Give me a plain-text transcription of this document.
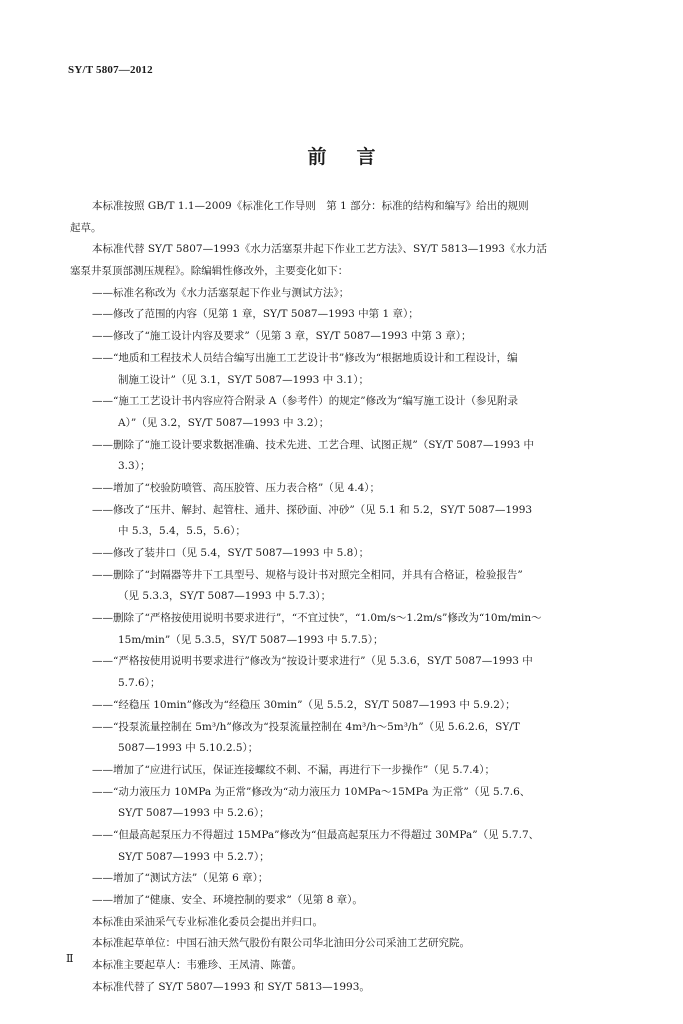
SY/T 5807—2012
前言
本标准按照 GB/T 1.1—2009《标准化工作导则　第 1 部分：标准的结构和编写》给出的规则
起草。
本标准代替 SY/T 5807—1993《水力活塞泵井起下作业工艺方法》、SY/T 5813—1993《水力活
塞泵井泵顶部测压规程》。除编辑性修改外，主要变化如下：
——标准名称改为《水力活塞泵起下作业与测试方法》；
——修改了范围的内容（见第 1 章，SY/T 5087—1993 中第 1 章）；
——修改了“施工设计内容及要求”（见第 3 章，SY/T 5087—1993 中第 3 章）；
——“地质和工程技术人员结合编写出施工工艺设计书”修改为“根据地质设计和工程设计，编
制施工设计”（见 3.1，SY/T 5087—1993 中 3.1）；
——“施工工艺设计书内容应符合附录 A（参考件）的规定”修改为“编写施工设计（参见附录
A）”（见 3.2，SY/T 5087—1993 中 3.2）；
——删除了“施工设计要求数据准确、技术先进、工艺合理、试图正规”（SY/T 5087—1993 中
3.3）；
——增加了“校验防喷管、高压胶管、压力表合格”（见 4.4）；
——修改了“压井、解封、起管柱、通井、探砂面、冲砂”（见 5.1 和 5.2，SY/T 5087—1993
中 5.3，5.4，5.5，5.6）；
——修改了装井口（见 5.4，SY/T 5087—1993 中 5.8）；
——删除了“封隔器等井下工具型号、规格与设计书对照完全相同，并具有合格证，检验报告”
（见 5.3.3，SY/T 5087—1993 中 5.7.3）；
——删除了“严格按使用说明书要求进行”，“不宜过快”，“1.0m/s～1.2m/s”修改为“10m/min～
15m/min”（见 5.3.5，SY/T 5087—1993 中 5.7.5）；
——“严格按使用说明书要求进行”修改为“按设计要求进行”（见 5.3.6，SY/T 5087—1993 中
5.7.6）；
——“经稳压 10min”修改为“经稳压 30min”（见 5.5.2，SY/T 5087—1993 中 5.9.2）；
——“投泵流量控制在 5m³/h”修改为“投泵流量控制在 4m³/h～5m³/h”（见 5.6.2.6，SY/T
5087—1993 中 5.10.2.5）；
——增加了“应进行试压，保证连接螺纹不刺、不漏，再进行下一步操作”（见 5.7.4）；
——“动力液压力 10MPa 为正常”修改为“动力液压力 10MPa～15MPa 为正常”（见 5.7.6、
SY/T 5087—1993 中 5.2.6）；
——“但最高起泵压力不得超过 15MPa”修改为“但最高起泵压力不得超过 30MPa”（见 5.7.7、
SY/T 5087—1993 中 5.2.7）；
——增加了“测试方法”（见第 6 章）；
——增加了“健康、安全、环境控制的要求”（见第 8 章）。
本标准由采油采气专业标准化委员会提出并归口。
本标准起草单位：中国石油天然气股份有限公司华北油田分公司采油工艺研究院。
本标准主要起草人：韦雅珍、王凤清、陈蕾。
本标准代替了 SY/T 5807—1993 和 SY/T 5813—1993。
Ⅱ
